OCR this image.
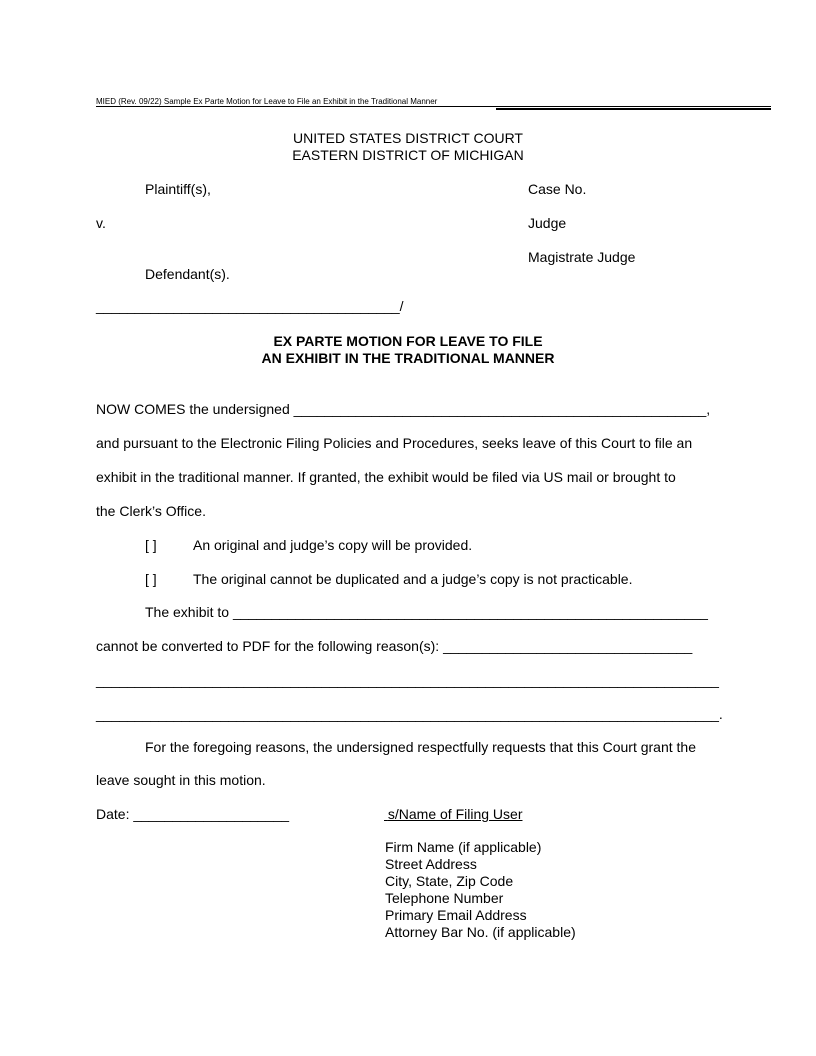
MIED (Rev. 09/22) Sample Ex Parte Motion for Leave to File an Exhibit in the Traditional Manner
UNITED STATES DISTRICT COURT
EASTERN DISTRICT OF MICHIGAN
Plaintiff(s),	Case No.
v.	Judge
Magistrate Judge
Defendant(s).
_______________________________________/
EX PARTE MOTION FOR LEAVE TO FILE
AN EXHIBIT IN THE TRADITIONAL MANNER
NOW COMES the undersigned _____________________________________________________,
and pursuant to the Electronic Filing Policies and Procedures, seeks leave of this Court to file an
exhibit in the traditional manner. If granted, the exhibit would be filed via US mail or brought to
the Clerk’s Office.
[ ]	An original and judge’s copy will be provided.
[ ]	The original cannot be duplicated and a judge’s copy is not practicable.
The exhibit to _____________________________________________________________
cannot be converted to PDF for the following reason(s): ________________________________
________________________________________________________________________________
________________________________________________________________________________.
For the foregoing reasons, the undersigned respectfully requests that this Court grant the
leave sought in this motion.
Date: ____________________	s/Name of Filing User
Firm Name (if applicable)
Street Address
City, State, Zip Code
Telephone Number
Primary Email Address
Attorney Bar No. (if applicable)
